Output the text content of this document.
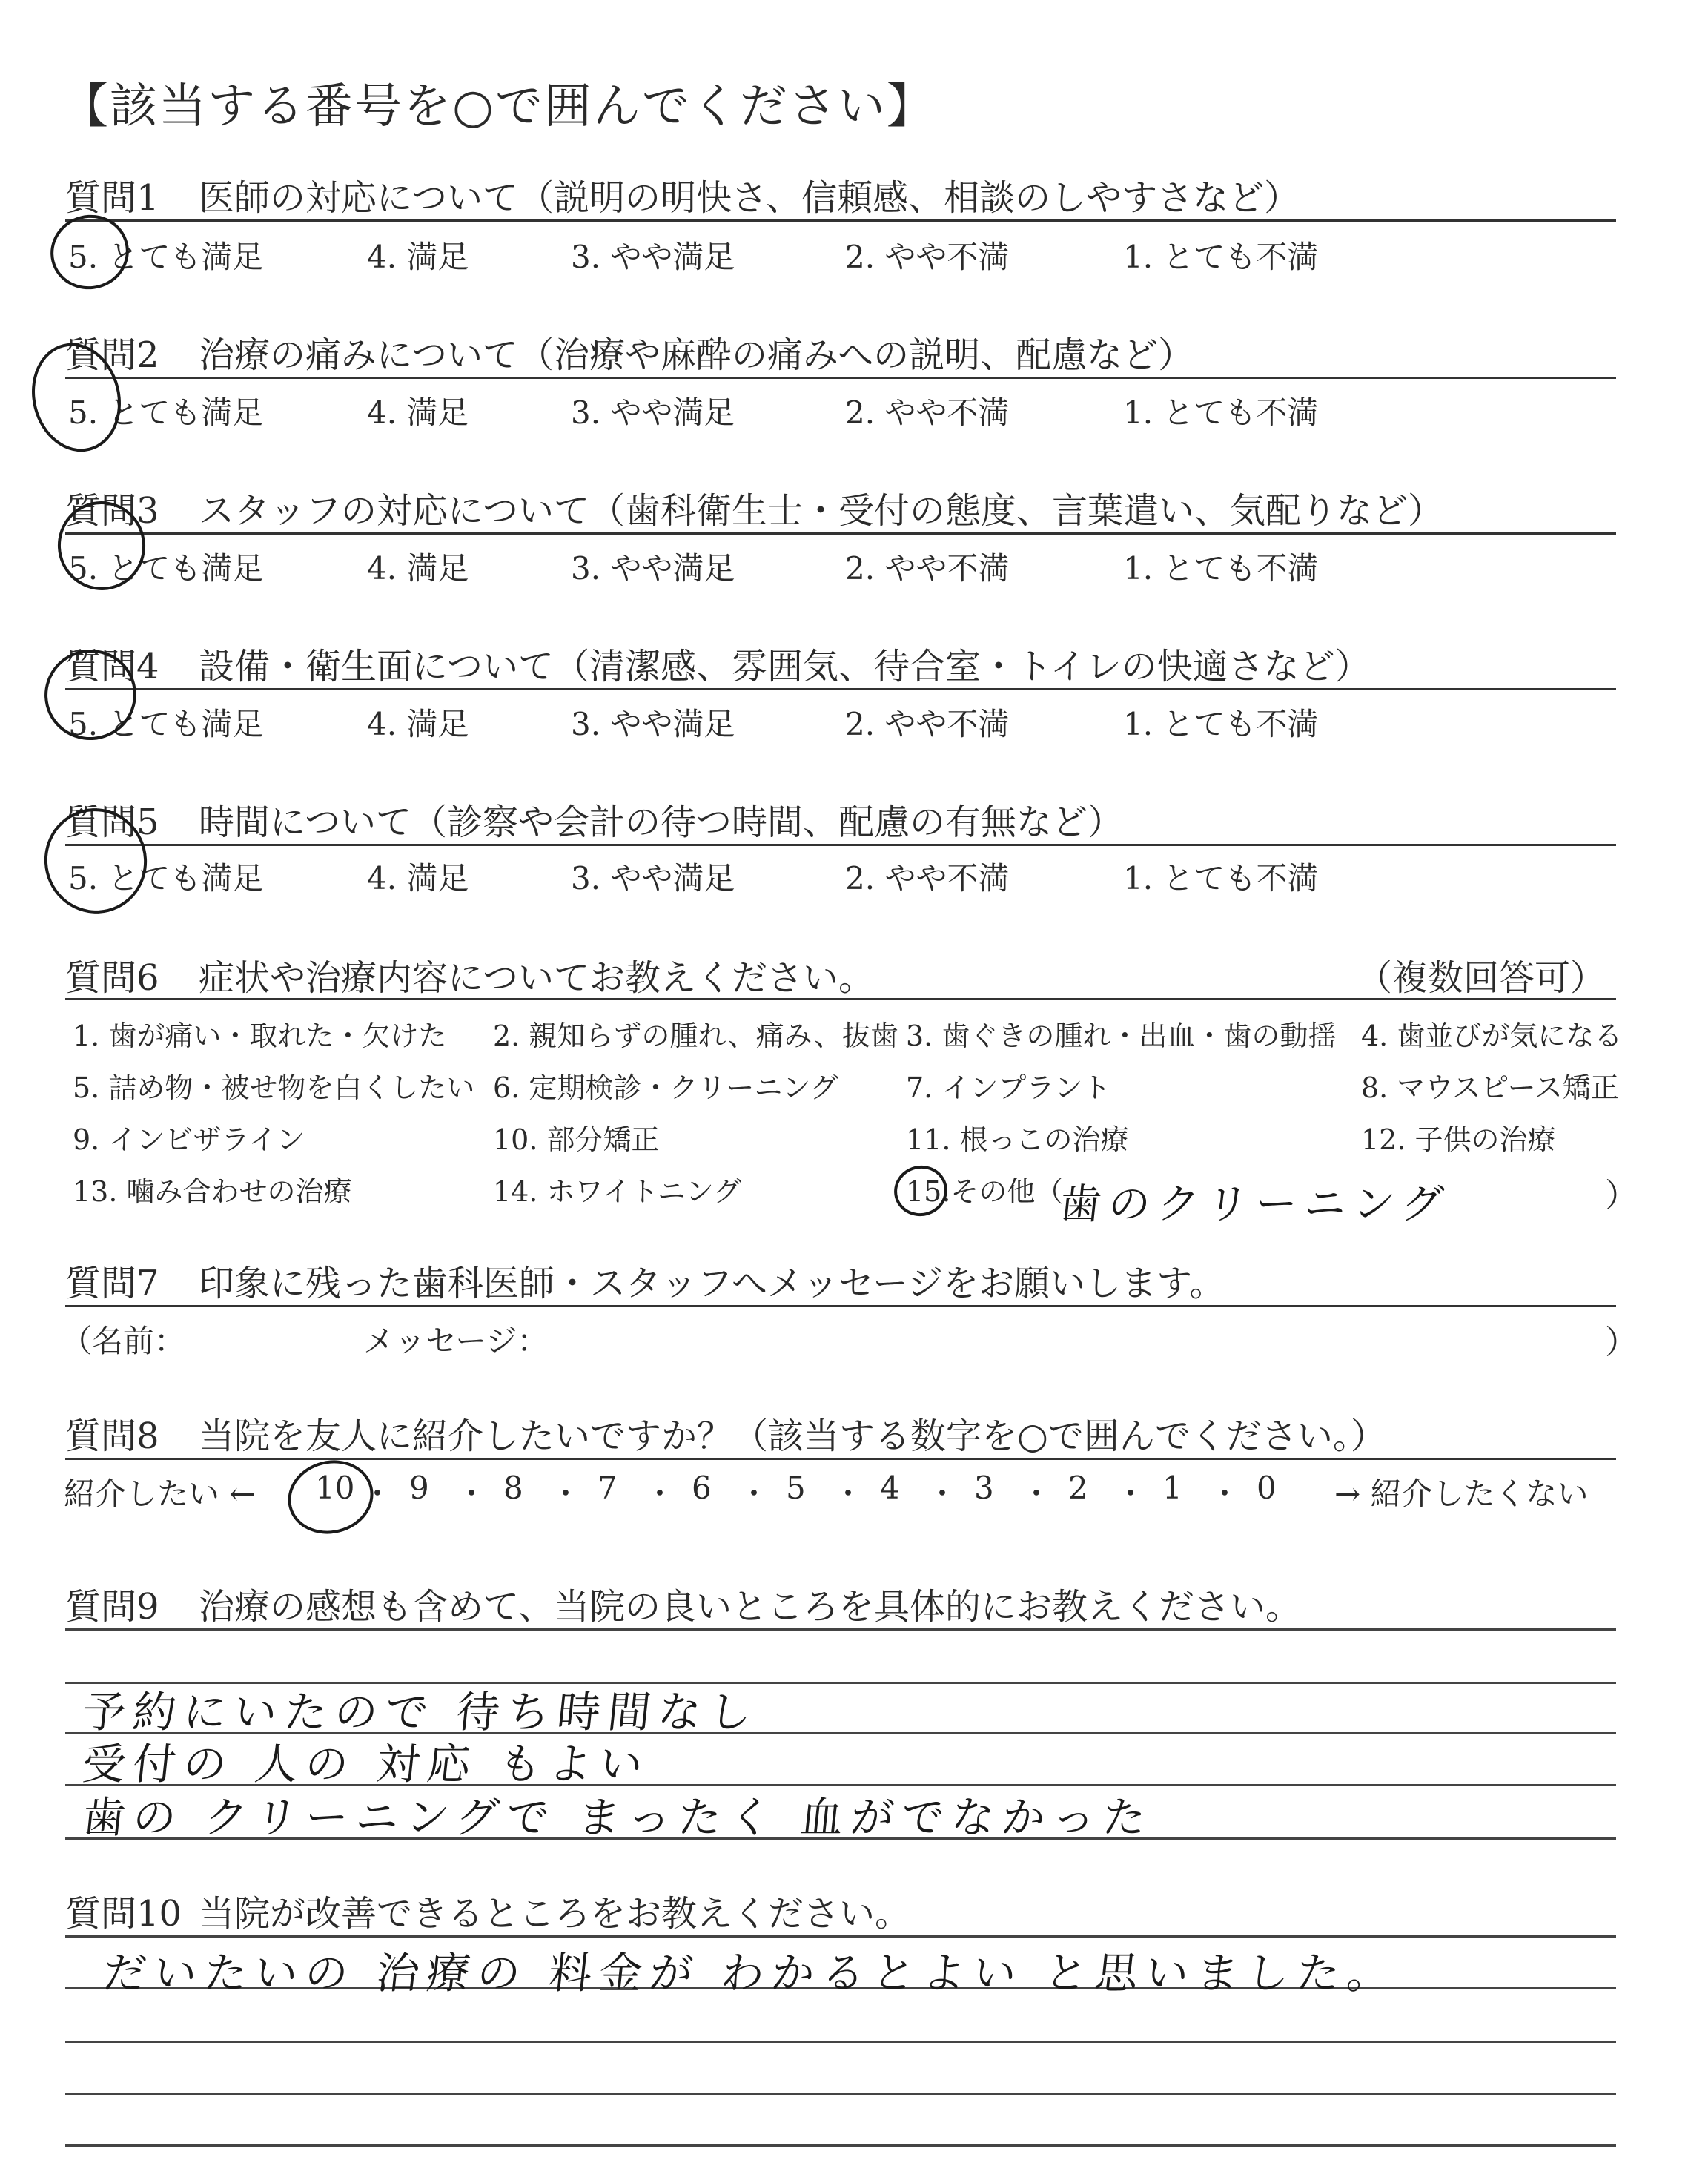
【該当する番号を○で囲んでください】
質問1 医師の対応について（説明の明快さ、信頼感、相談のしやすさなど）
5. とても満足	4. 満足	3. やや満足	2. やや不満	1. とても不満
質問2 治療の痛みについて（治療や麻酔の痛みへの説明、配慮など）
5. とても満足	4. 満足	3. やや満足	2. やや不満	1. とても不満
質問3 スタッフの対応について（歯科衛生士・受付の態度、言葉遣い、気配りなど）
5. とても満足	4. 満足	3. やや満足	2. やや不満	1. とても不満
質問4 設備・衛生面について（清潔感、雰囲気、待合室・トイレの快適さなど）
5. とても満足	4. 満足	3. やや満足	2. やや不満	1. とても不満
質問5 時間について（診察や会計の待つ時間、配慮の有無など）
5. とても満足	4. 満足	3. やや満足	2. やや不満	1. とても不満
質問6 症状や治療内容についてお教えください。	（複数回答可）
1. 歯が痛い・取れた・欠けた 2. 親知らずの腫れ、痛み、抜歯 3. 歯ぐきの腫れ・出血・歯の動揺 4. 歯並びが気になる
5. 詰め物・被せ物を白くしたい 6. 定期検診・クリーニング 7. インプラント	8. マウスピース矯正
9. インビザライン	10. 部分矯正	11. 根っこの治療	12. 子供の治療
13. 噛み合わせの治療	14. ホワイトニング	15.その他（
歯のクリーニング	）
質問7 印象に残った歯科医師・スタッフへメッセージをお願いします。
（名前：	メッセージ：	）
質問8 当院を友人に紹介したいですか？（該当する数字を○で囲んでください。）
紹介したい ← 10 ・ 9 ・ 8 ・ 7 ・ 6 ・ 5 ・ 4 ・ 3 ・ 2 ・ 1 ・ 0 → 紹介したくない
質問9 治療の感想も含めて、当院の良いところを具体的にお教えください。
予約にいたので 待ち時間なし
受付の 人の 対応 もよい
歯の クリーニングで まったく 血がでなかった
質問10 当院が改善できるところをお教えください。
だいたいの 治療の 料金が わかるとよい と思いました。
